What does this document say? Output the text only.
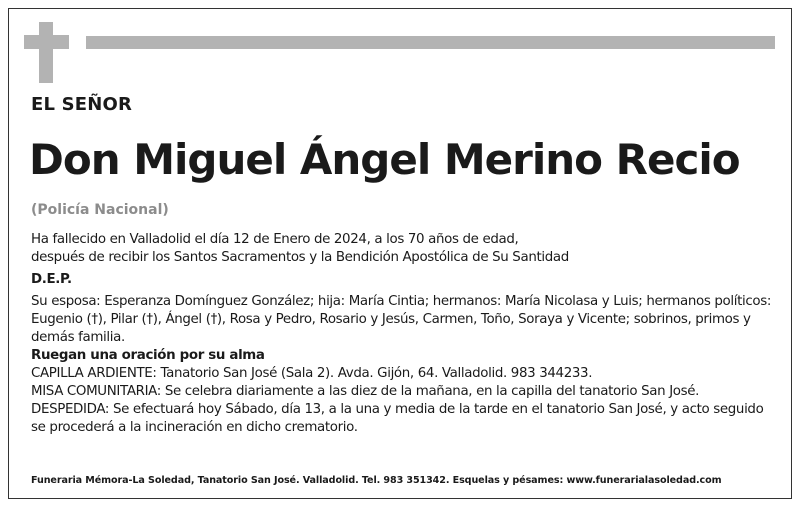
EL SEÑOR
Don Miguel Ángel Merino Recio
(Policía Nacional)

Ha fallecido en Valladolid el día 12 de Enero de 2024, a los 70 años de edad,

después de recibir los Santos Sacramentos y la Bendición Apostólica de Su Santidad

D.E.P.

Su esposa: Esperanza Domínguez González; hija: María Cintia; hermanos: María Nicolasa y Luis; hermanos políticos: Eugenio (†), Pilar (†), Ángel (†), Rosa y Pedro, Rosario y Jesús, Carmen, Toño, Soraya y Vicente; sobrinos, primos y demás familia.

Ruegan una oración por su alma

CAPILLA ARDIENTE: Tanatorio San José (Sala 2). Avda. Gijón, 64. Valladolid. 983 344233.

MISA COMUNITARIA: Se celebra diariamente a las diez de la mañana, en la capilla del tanatorio San José.

DESPEDIDA: Se efectuará hoy Sábado, día 13, a la una y media de la tarde en el tanatorio San José, y acto seguido se procederá a la incineración en dicho crematorio.

Funeraria Mémora-La Soledad, Tanatorio San José. Valladolid. Tel. 983 351342. Esquelas y pésames: www.funerarialasoledad.com
